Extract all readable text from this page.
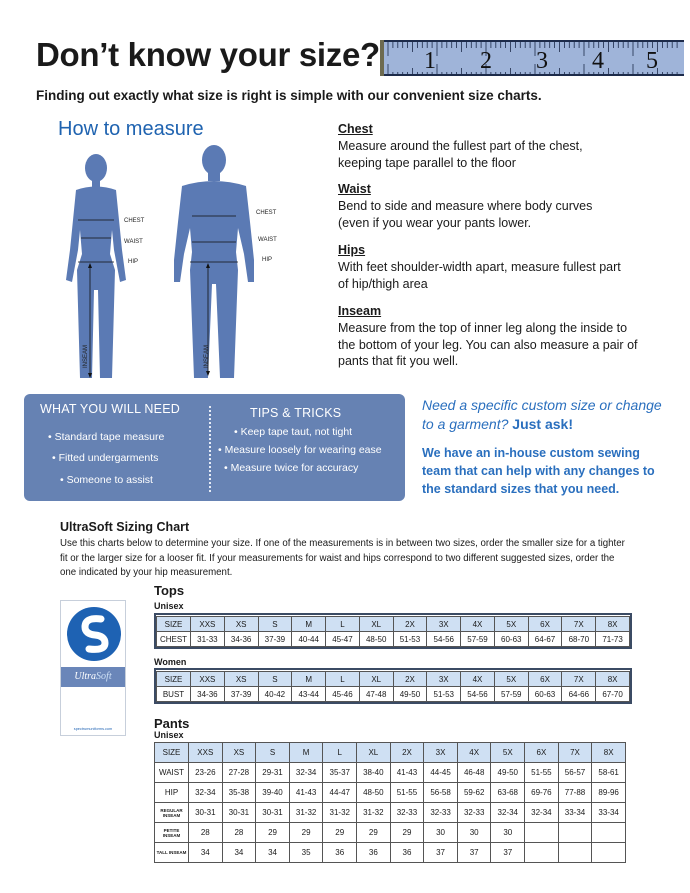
Don’t know your size?
Finding out exactly what size is right is simple with our convenient size charts.
1 2 3 4 5
How to measure
CHEST
WAIST
HIP
INSEAM
CHEST
WAIST
HIP
INSEAM
Chest

Measure around the fullest part of the chest, keeping tape parallel to the floor

Waist

Bend to side and measure where body curves (even if you wear your pants lower.

Hips

With feet shoulder-width apart, measure fullest part of hip/thigh area

Inseam

Measure from the top of inner leg along the inside to the bottom of your leg. You can also measure a pair of pants that fit you well.

WHAT YOU WILL NEED
• Standard tape measure
• Fitted undergarments
• Someone to assist
TIPS & TRICKS
• Keep tape taut, not tight
• Measure loosely for wearing ease
• Measure twice for accuracy
Need a specific custom size or change to a garment? Just ask!
We have an in-house custom sewing team that can help with any changes to the standard sizes that you need.
UltraSoft Sizing Chart
Use this charts below to determine your size. If one of the measurements is in between two sizes, order the smaller size for a tighter fit or the larger size for a looser fit. If your measurements for waist and hips correspond to two different suggested sizes, order the one indicated by your hip measurement.
UltraSoft
spectrumuniforms.com
Tops
Unisex
SIZE	XXS	XS	S	M	L	XL	2X	3X	4X	5X	6X	7X	8X
CHEST	31-33	34-36	37-39	40-44	45-47	48-50	51-53	54-56	57-59	60-63	64-67	68-70	71-73
Women
SIZE	XXS	XS	S	M	L	XL	2X	3X	4X	5X	6X	7X	8X
BUST	34-36	37-39	40-42	43-44	45-46	47-48	49-50	51-53	54-56	57-59	60-63	64-66	67-70
Pants
Unisex
SIZE	XXS	XS	S	M	L	XL	2X	3X	4X	5X	6X	7X	8X
WAIST	23-26	27-28	29-31	32-34	35-37	38-40	41-43	44-45	46-48	49-50	51-55	56-57	58-61
HIP	32-34	35-38	39-40	41-43	44-47	48-50	51-55	56-58	59-62	63-68	69-76	77-88	89-96
REGULAR INSEAM	30-31	30-31	30-31	31-32	31-32	31-32	32-33	32-33	32-33	32-34	32-34	33-34	33-34
PETITE INSEAM	28	28	29	29	29	29	29	30	30	30			
TALL INSEAM	34	34	34	35	36	36	36	37	37	37			
